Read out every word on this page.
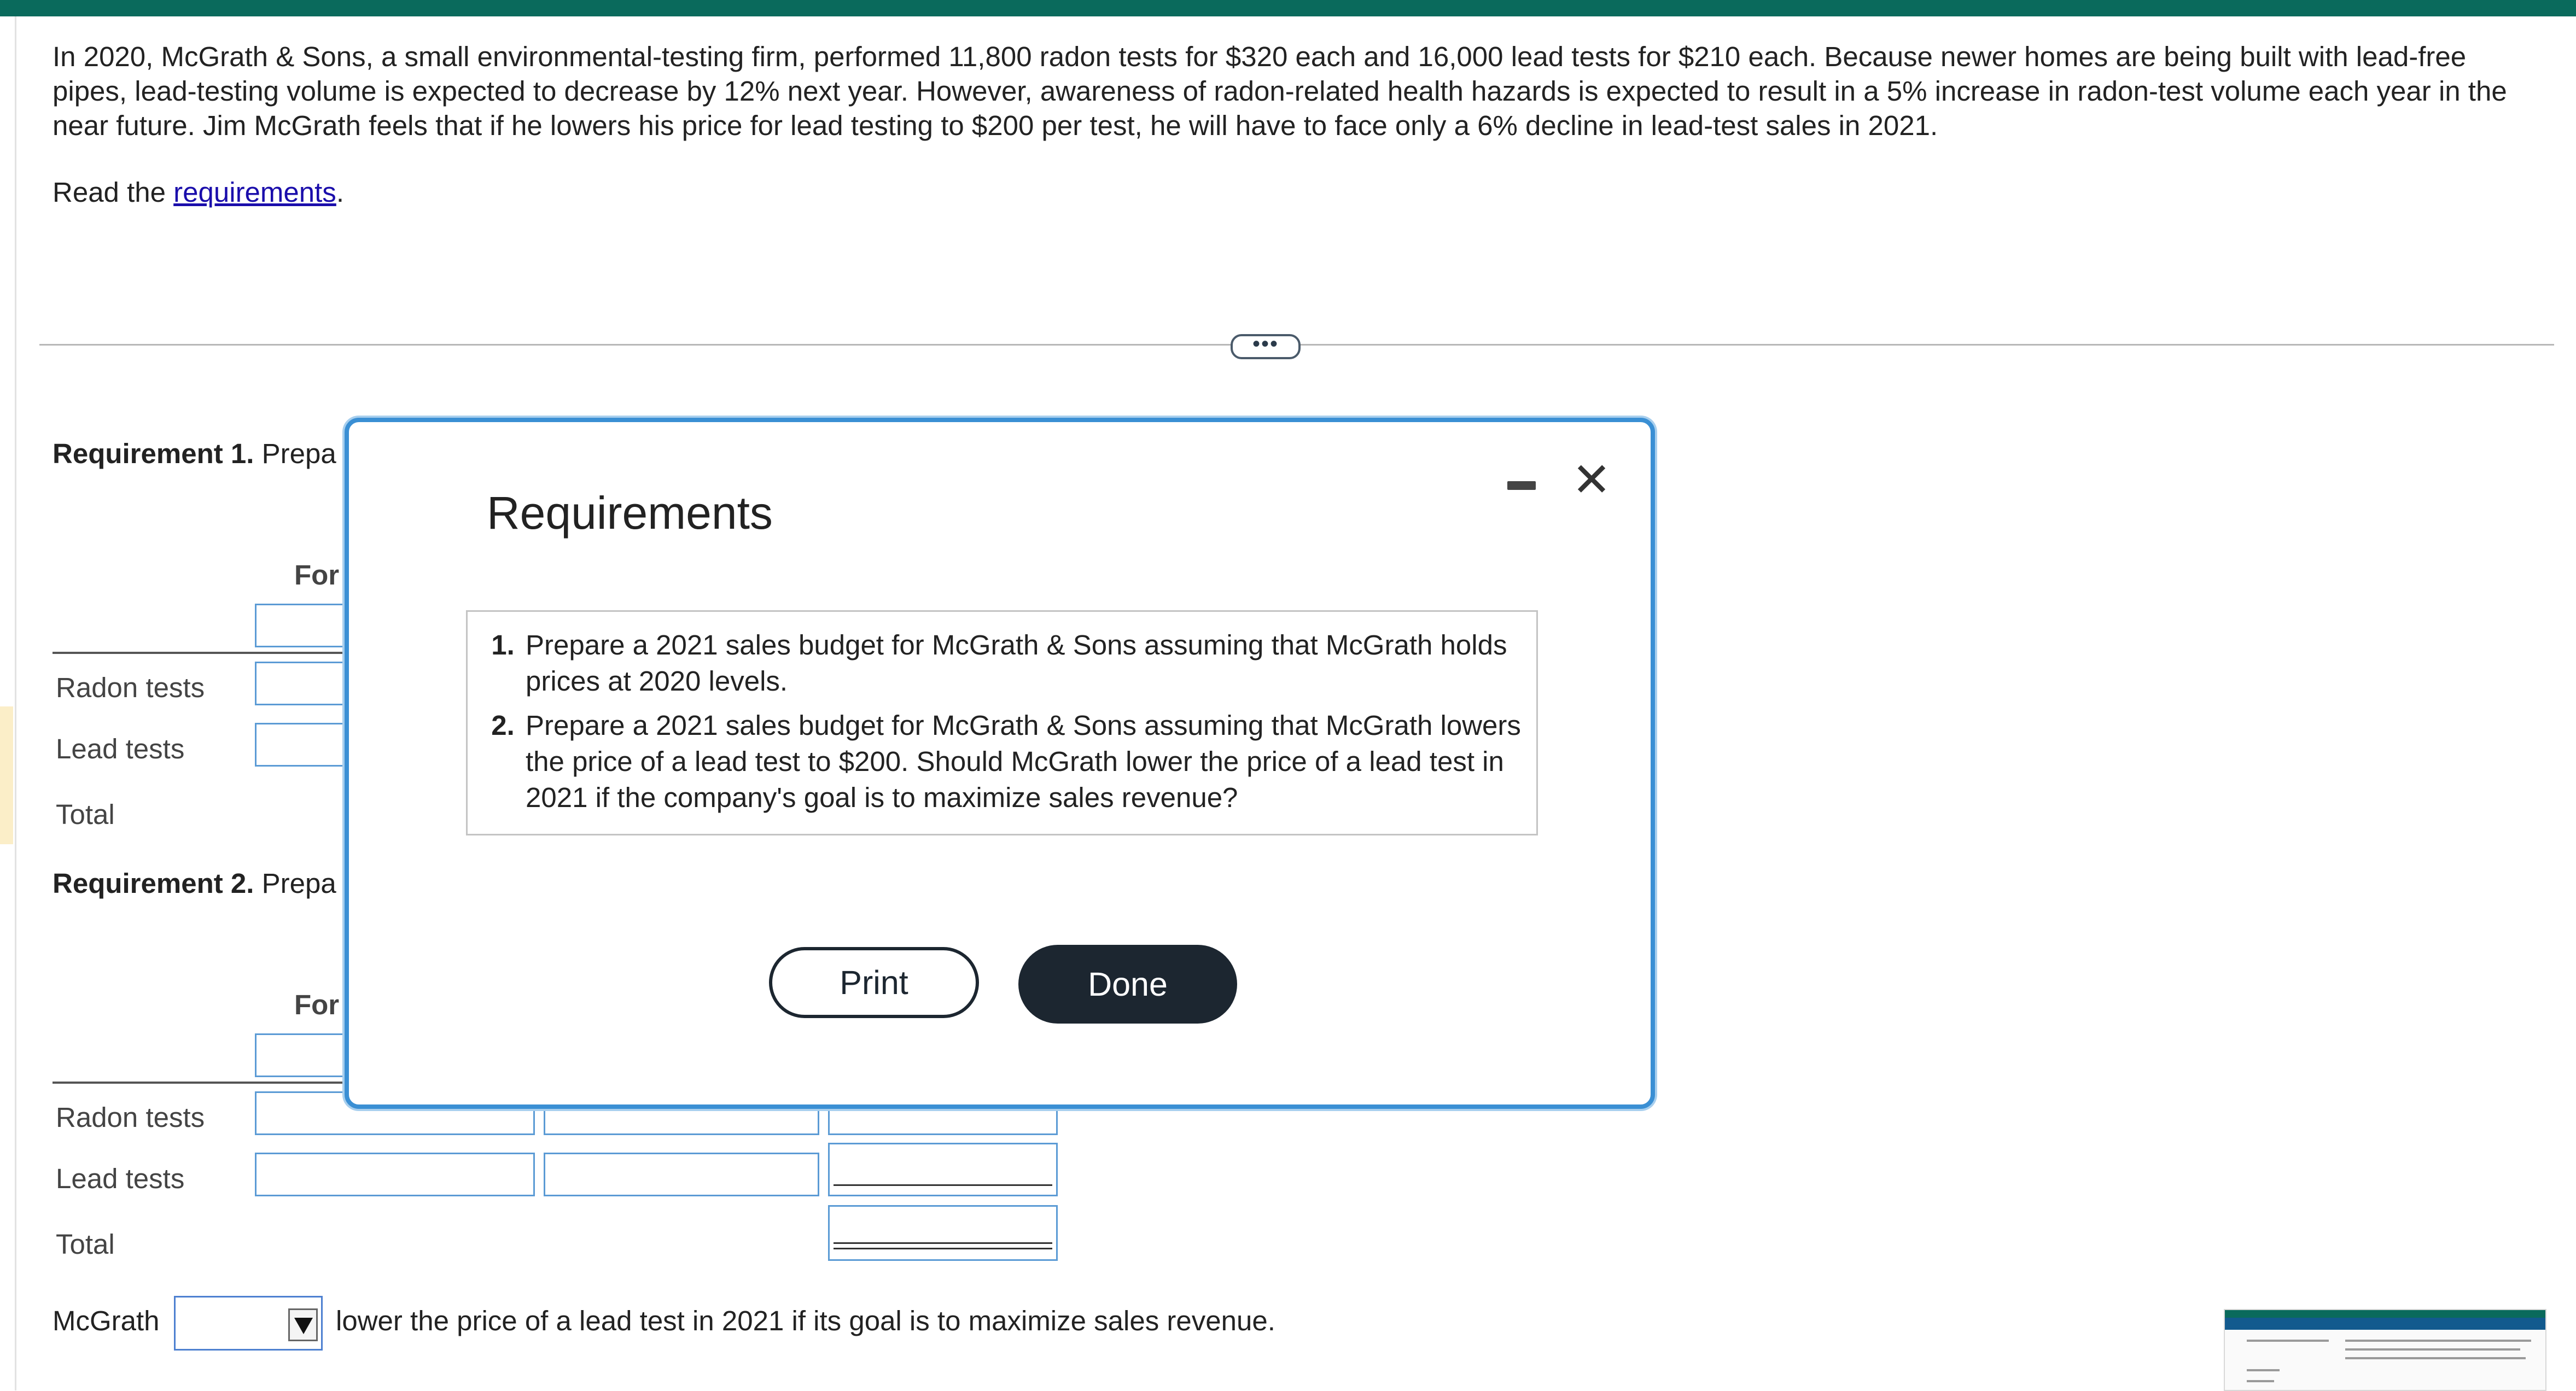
In 2020, McGrath & Sons, a small environmental-testing firm, performed 11,800 radon tests for $320 each and 16,000 lead tests for $210 each. Because newer homes are being built with lead-free pipes, lead-testing volume is expected to decrease by 12% next year. However, awareness of radon-related health hazards is expected to result in a 5% increase in radon-test volume each year in the near future. Jim McGrath feels that if he lowers his price for lead testing to $200 per test, he will have to face only a 6% decline in lead-test sales in 2021.
Read the requirements.
•••
Requirement 1. Prepa
For
Radon tests
Lead tests
Total
Requirement 2. Prepa
For
Radon tests
Lead tests
Total
McGrath	lower the price of a lead test in 2021 if its goal is to maximize sales revenue.
Requirements
✕
1. Prepare a 2021 sales budget for McGrath & Sons assuming that McGrath holds prices at 2020 levels.
2. Prepare a 2021 sales budget for McGrath & Sons assuming that McGrath lowers the price of a lead test to $200. Should McGrath lower the price of a lead test in 2021 if the company's goal is to maximize sales revenue?
Print	Done
